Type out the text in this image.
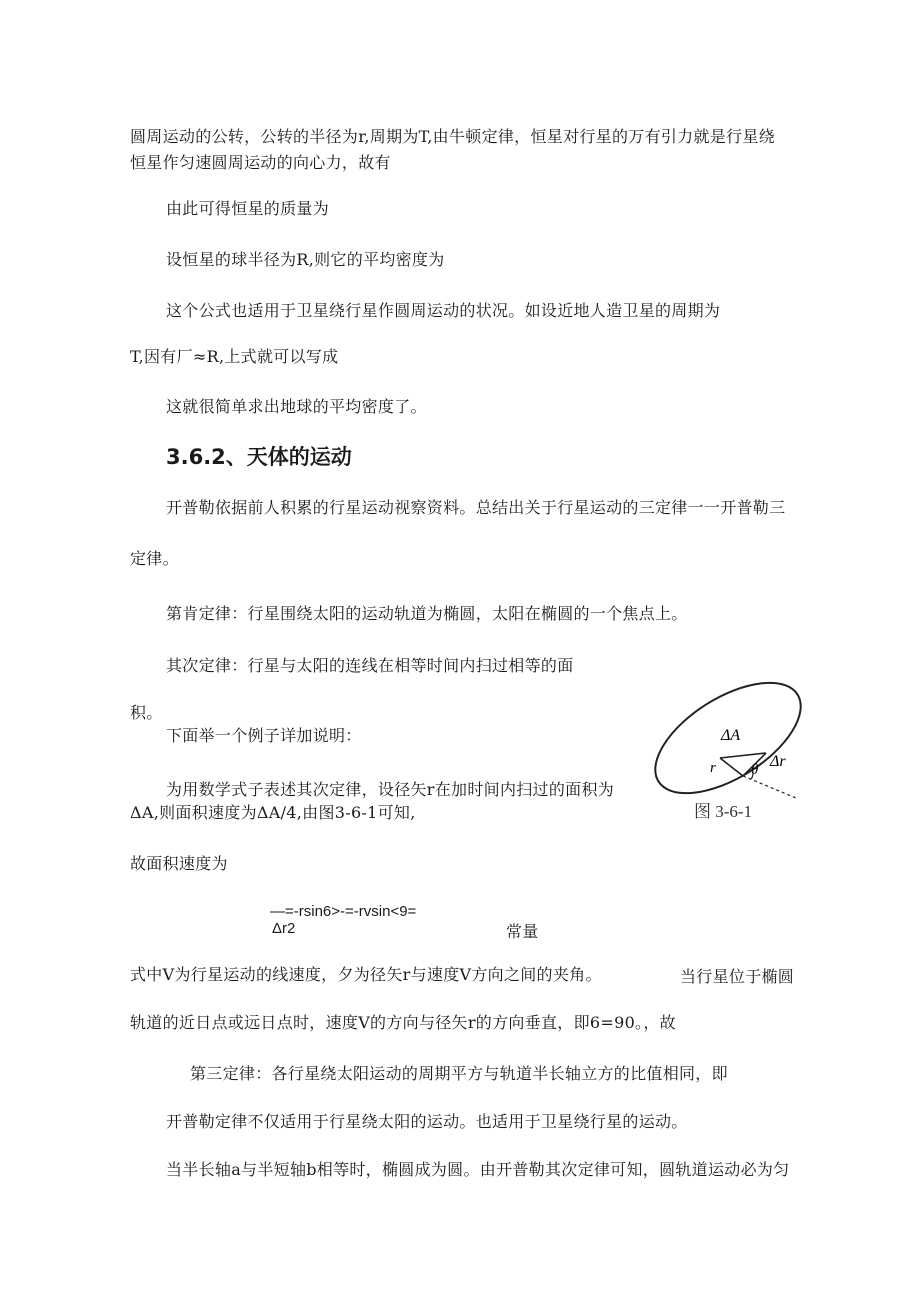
圆周运动的公转，公转的半径为r,周期为T,由牛顿定律，恒星对行星的万有引力就是行星绕
恒星作匀速圆周运动的向心力，故有
由此可得恒星的质量为
设恒星的球半径为R,则它的平均密度为
这个公式也适用于卫星绕行星作圆周运动的状况。如设近地人造卫星的周期为
T,因有厂≈R,上式就可以写成
这就很简单求出地球的平均密度了。
3.6.2、天体的运动
开普勒依据前人积累的行星运动视察资料。总结出关于行星运动的三定律一一开普勒三
定律。
第肯定律：行星围绕太阳的运动轨道为椭圆，太阳在椭圆的一个焦点上。
其次定律：行星与太阳的连线在相等时间内扫过相等的面
积。
下面举一个例子详加说明：
为用数学式子表述其次定律，设径矢r在加时间内扫过的面积为
ΔA,则面积速度为ΔA∕4,由图3-6-1可知,
故面积速度为
—=-rsin6>-=-rvsin<9=
Δr2	常量
式中V为行星运动的线速度，夕为径矢r与速度V方向之间的夹角。	当行星位于椭圆
轨道的近日点或远日点时，速度V的方向与径矢r的方向垂直，即6=90。，故
第三定律：各行星绕太阳运动的周期平方与轨道半长轴立方的比值相同，即
开普勒定律不仅适用于行星绕太阳的运动。也适用于卫星绕行星的运动。
当半长轴a与半短轴b相等时，椭圆成为圆。由开普勒其次定律可知，圆轨道运动必为匀
ΔA
r	Δr
θ
图 3-6-1
